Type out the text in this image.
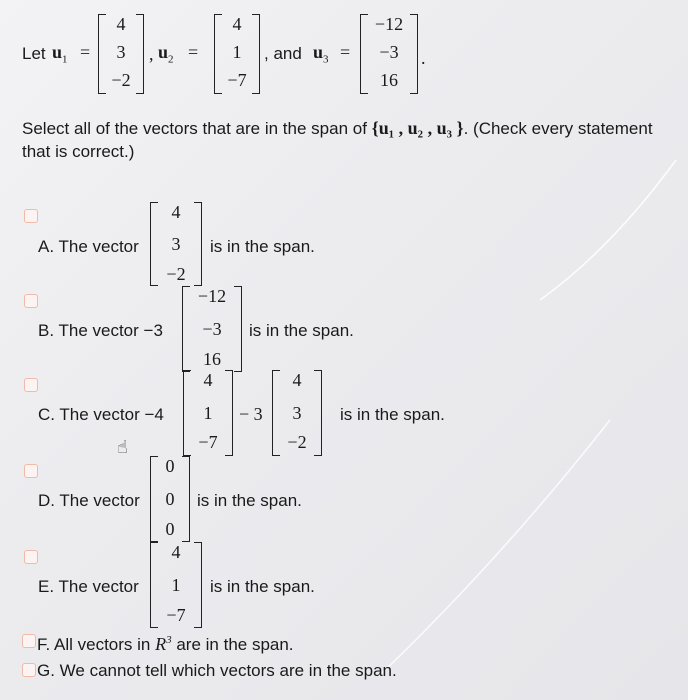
Let $u_1$ =
4
3
−2
, $u_2$ =
4
1
−7
, and $u_3$ =
−12
−3
16
.
Select all of the vectors that are in the span of {u₁ , u₂ , u₃ }. (Check every statement
that is correct.)
A. The vector
4
3
−2
is in the span.
B. The vector −3
−12
−3
16
is in the span.
C. The vector −4
☝
4
1
−7
− 3
4
3
−2
is in the span.
D. The vector
0
0
0
is in the span.
E. The vector
4
1
−7
is in the span.
F. All vectors in $R^3$ are in the span.
G. We cannot tell which vectors are in the span.
